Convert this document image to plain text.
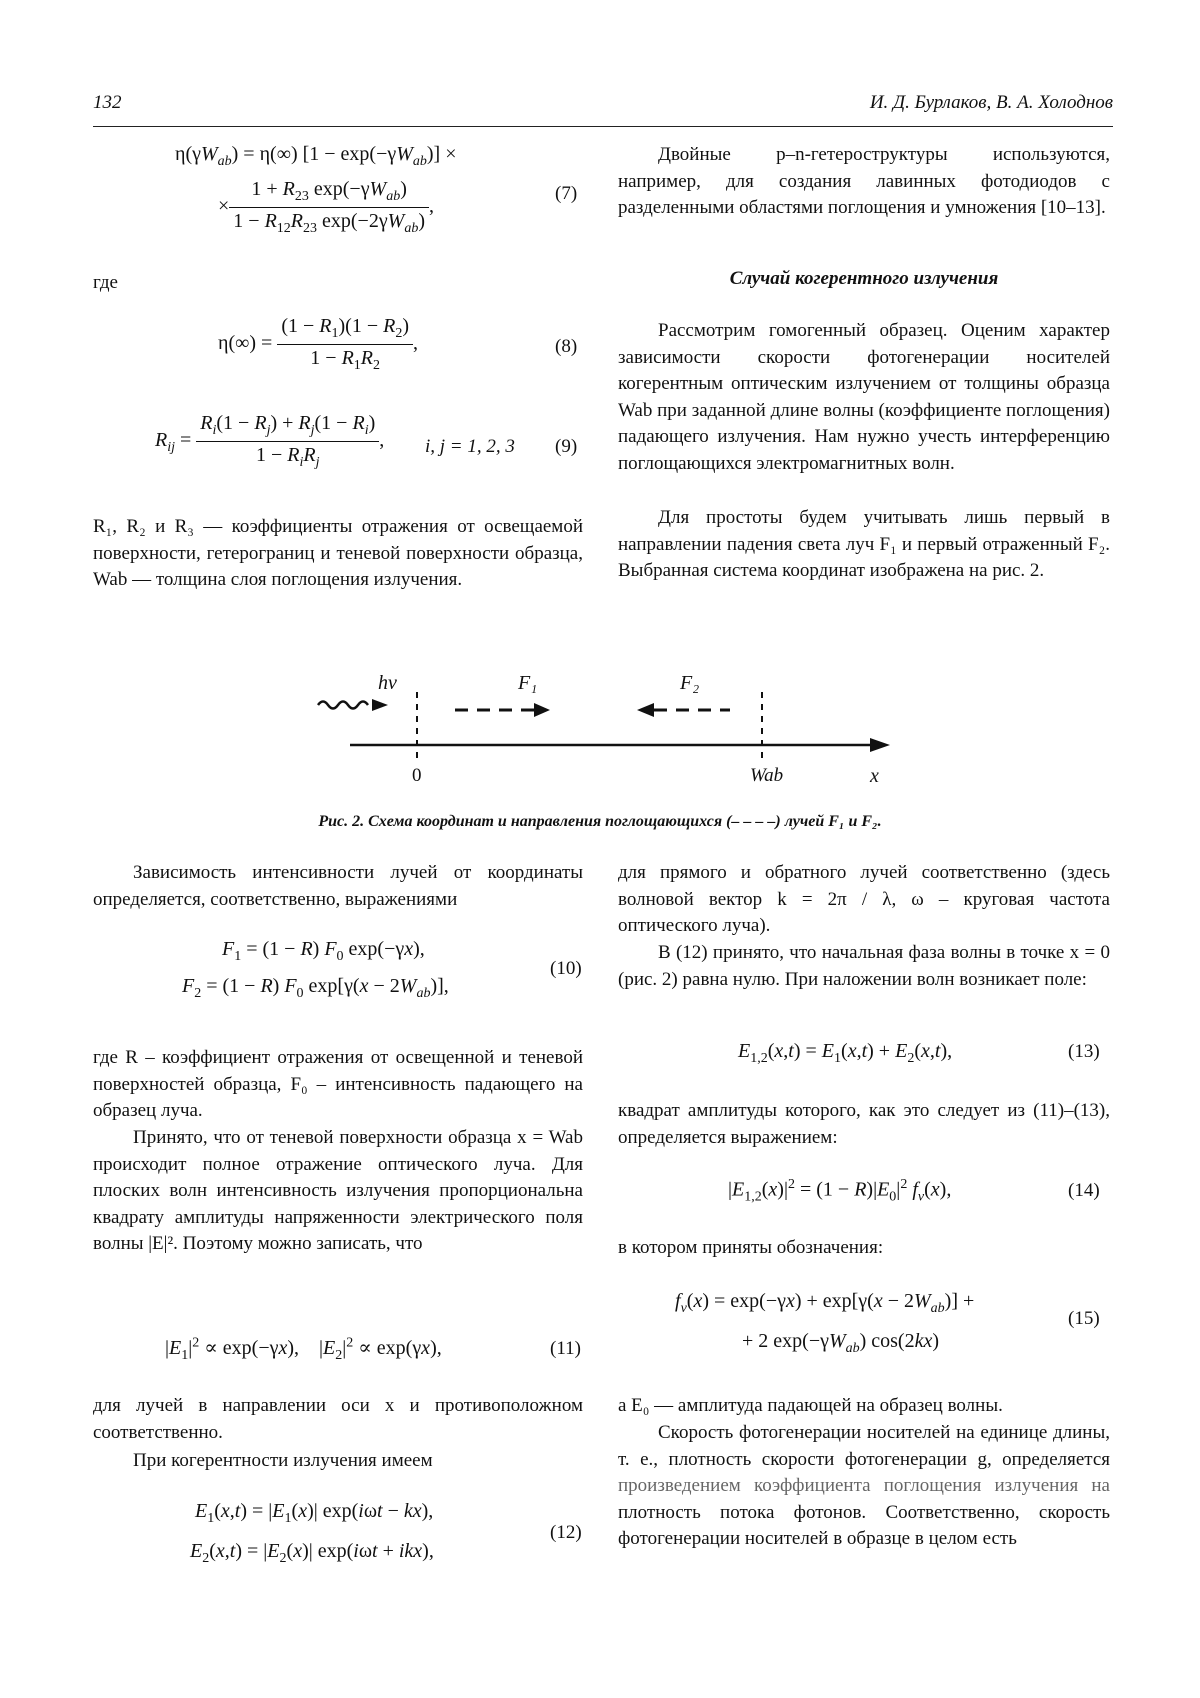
132	И. Д. Бурлаков, В. А. Холоднов
$\eta(\gamma W_{ab}) = \eta(\infty) [1 - \exp(-\gamma W_{ab})]$ ×
× $\frac{1 + R_{23} \exp(-\gamma W_{ab})}{1 - R_{12}R_{23} \exp(-2\gamma W_{ab})}$ ,
(7)
где
$\eta(\infty) = \frac{(1 - R_1)(1 - R_2)}{1 - R_1R_2}$ ,	(8)
$R_{ij} = \frac{R_i(1 - R_j) + R_j(1 - R_i)}{1 - R_iR_j}$ , i, j = 1, 2, 3 (9)
R₁, R₂ и R₃ — коэффициенты отражения от освещаемой поверхности, гетерограниц и теневой поверхности образца, Wab — толщина слоя поглощения излучения.

Зависимость интенсивности лучей от координаты определяется, соответственно, выражениями

$F_1 = (1 - R)$ $F_0$ exp(−γx),
$F_2 = (1 - R)$ $F_0$ $\exp[\gamma(x - 2W_{ab})]$,
(10)
где R – коэффициент отражения от освещенной и теневой поверхностей образца, F₀ – интенсивность падающего на образец луча.

Принято, что от теневой поверхности образца x = Wab происходит полное отражение оптического луча. Для плоских волн интенсивность излучения пропорциональна квадрату амплитуды напряженности электрического поля волны |E|². Поэтому можно записать, что

$|E_1|^2 \propto \exp(-\gamma x)$,    $|E_2|^2 \propto \exp(\gamma x)$,	(11)
для лучей в направлении оси x и противоположном соответственно.

При когерентности излучения имеем

$E_1(x,t) = |E_1(x)|$ exp(iωt − kx),
$E_2(x,t) = |E_2(x)|$ exp(iωt + ikx),
(12)

Двойные p–n-гетероструктуры используются, например, для создания лавинных фотодиодов с разделенными областями поглощения и умножения [10–13].

Случай когерентного излучения

Рассмотрим гомогенный образец. Оценим характер зависимости скорости фотогенерации носителей когерентным оптическим излучением от толщины образца Wab при заданной длине волны (коэффициенте поглощения) падающего излучения. Нам нужно учесть интерференцию поглощающихся электромагнитных волн.

Для простоты будем учитывать лишь первый в направлении падения света луч F₁ и первый отраженный F₂. Выбранная система координат изображена на рис. 2.

hv	F₁	F₂
0	Wab	x
Рис. 2. Схема координат и направления поглощающихся (– – – –) лучей F₁ и F₂.
для прямого и обратного лучей соответственно (здесь волновой вектор k = 2π / λ, ω – круговая частота оптического луча).

В (12) принято, что начальная фаза волны в точке x = 0 (рис. 2) равна нулю. При наложении волн возникает поле:

$E_{1,2}(x,t) = E_1(x,t) + E_2(x,t)$,	(13)
квадрат амплитуды которого, как это следует из (11)–(13), определяется выражением:
$|E_{1,2}(x)|^2 = (1 - R)|E_0|^2$ $f_v(x)$,	(14)
в котором приняты обозначения:
$f_v(x) = \exp(-\gamma x) + \exp[\gamma(x - 2W_{ab})]$ +
+ 2 $\exp(-\gamma W_{ab})$ cos(2kx)
(15)
а E₀ — амплитуда падающей на образец волны.

Скорость фотогенерации носителей на единице длины, т. е., плотность скорости фотогенерации g, определяется произведением коэффициента поглощения излучения на плотность потока фотонов. Соответственно, скорость фотогенерации носителей в образце в целом есть
